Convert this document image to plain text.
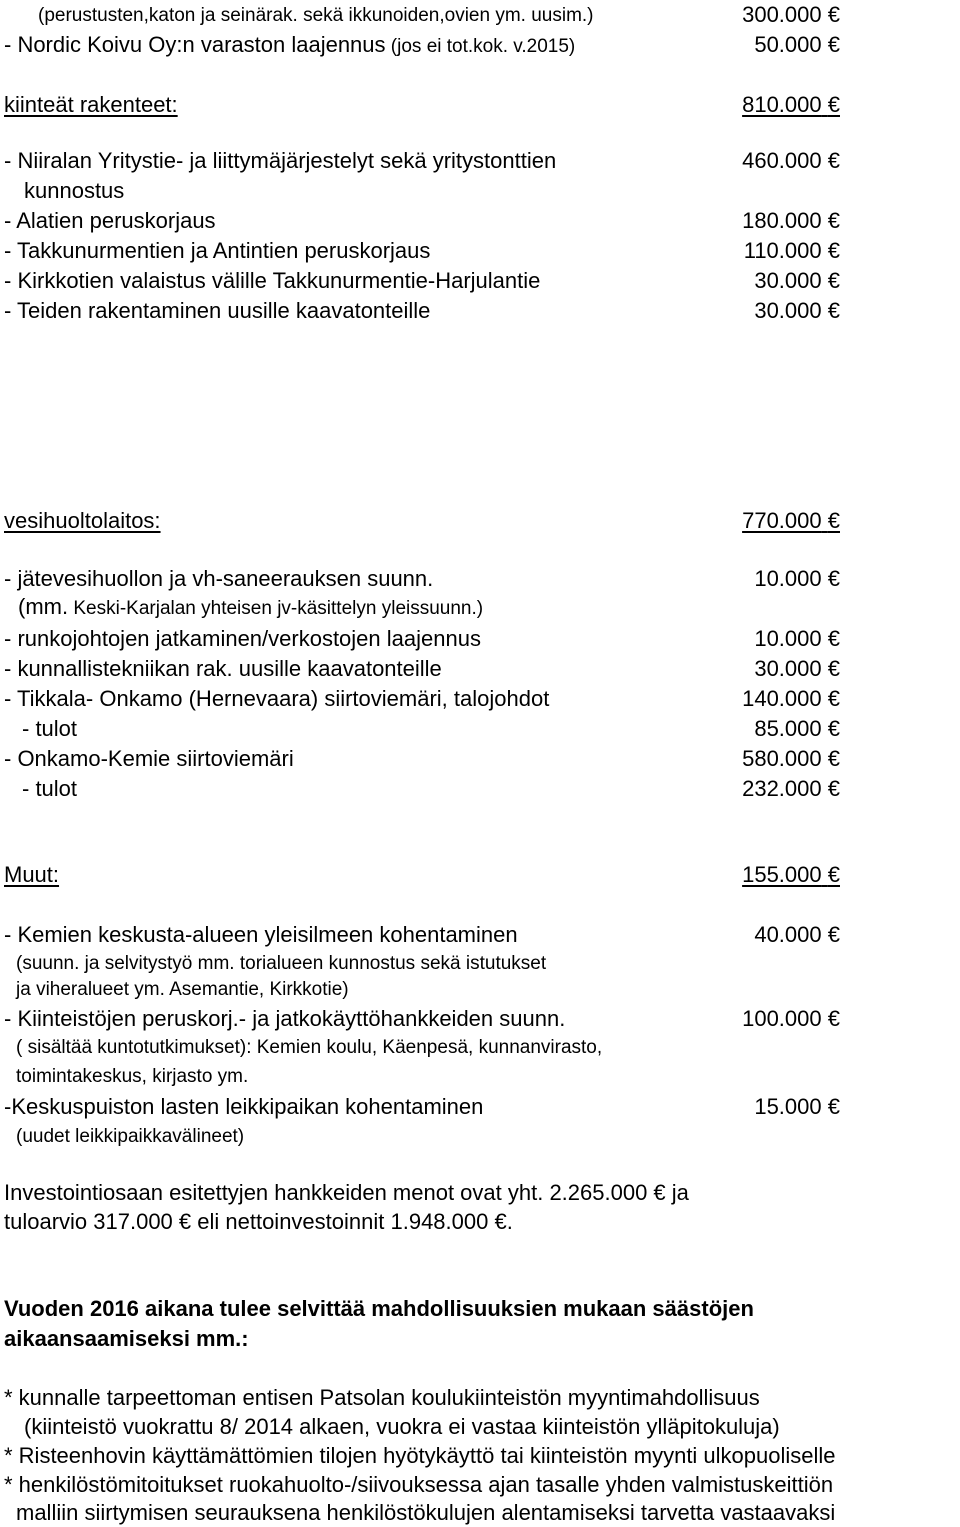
(perustusten,katon ja seinärak. sekä ikkunoiden,ovien ym. uusim.)	300.000 €
- Nordic Koivu Oy:n varaston laajennus (jos ei tot.kok. v.2015)	50.000 €
kiinteät rakenteet:	810.000 €
- Niiralan Yritystie- ja liittymäjärjestelyt sekä yritystonttien	460.000 €
kunnostus
- Alatien peruskorjaus	180.000 €
- Takkunurmentien ja Antintien peruskorjaus	110.000 €
- Kirkkotien valaistus välille Takkunurmentie-Harjulantie	30.000 €
- Teiden rakentaminen uusille kaavatonteille	30.000 €
vesihuoltolaitos:	770.000 €
- jätevesihuollon ja vh-saneerauksen suunn.	10.000 €
(mm. Keski-Karjalan yhteisen jv-käsittelyn yleissuunn.)
- runkojohtojen jatkaminen/verkostojen laajennus	10.000 €
- kunnallistekniikan rak. uusille kaavatonteille	30.000 €
- Tikkala- Onkamo (Hernevaara) siirtoviemäri, talojohdot	140.000 €
- tulot	85.000 €
- Onkamo-Kemie siirtoviemäri	580.000 €
- tulot	232.000 €
Muut:	155.000 €
- Kemien keskusta-alueen yleisilmeen kohentaminen	40.000 €
(suunn. ja selvitystyö mm. torialueen kunnostus sekä istutukset
ja viheralueet ym. Asemantie, Kirkkotie)
- Kiinteistöjen peruskorj.- ja jatkokäyttöhankkeiden suunn.	100.000 €
( sisältää kuntotutkimukset): Kemien koulu, Käenpesä, kunnanvirasto,
toimintakeskus, kirjasto ym.
-Keskuspuiston lasten leikkipaikan kohentaminen	15.000 €
(uudet leikkipaikkavälineet)
Investointiosaan esitettyjen hankkeiden menot ovat yht. 2.265.000 € ja
tuloarvio 317.000 € eli nettoinvestoinnit 1.948.000 €.
Vuoden 2016 aikana tulee selvittää mahdollisuuksien mukaan säästöjen
aikaansaamiseksi mm.:
* kunnalle tarpeettoman entisen Patsolan koulukiinteistön myyntimahdollisuus
(kiinteistö vuokrattu 8/ 2014 alkaen, vuokra ei vastaa kiinteistön ylläpitokuluja)
* Risteenhovin käyttämättömien tilojen hyötykäyttö tai kiinteistön myynti ulkopuoliselle
* henkilöstömitoitukset ruokahuolto-/siivouksessa ajan tasalle yhden valmistuskeittiön
malliin siirtymisen seurauksena henkilöstökulujen alentamiseksi tarvetta vastaavaksi
